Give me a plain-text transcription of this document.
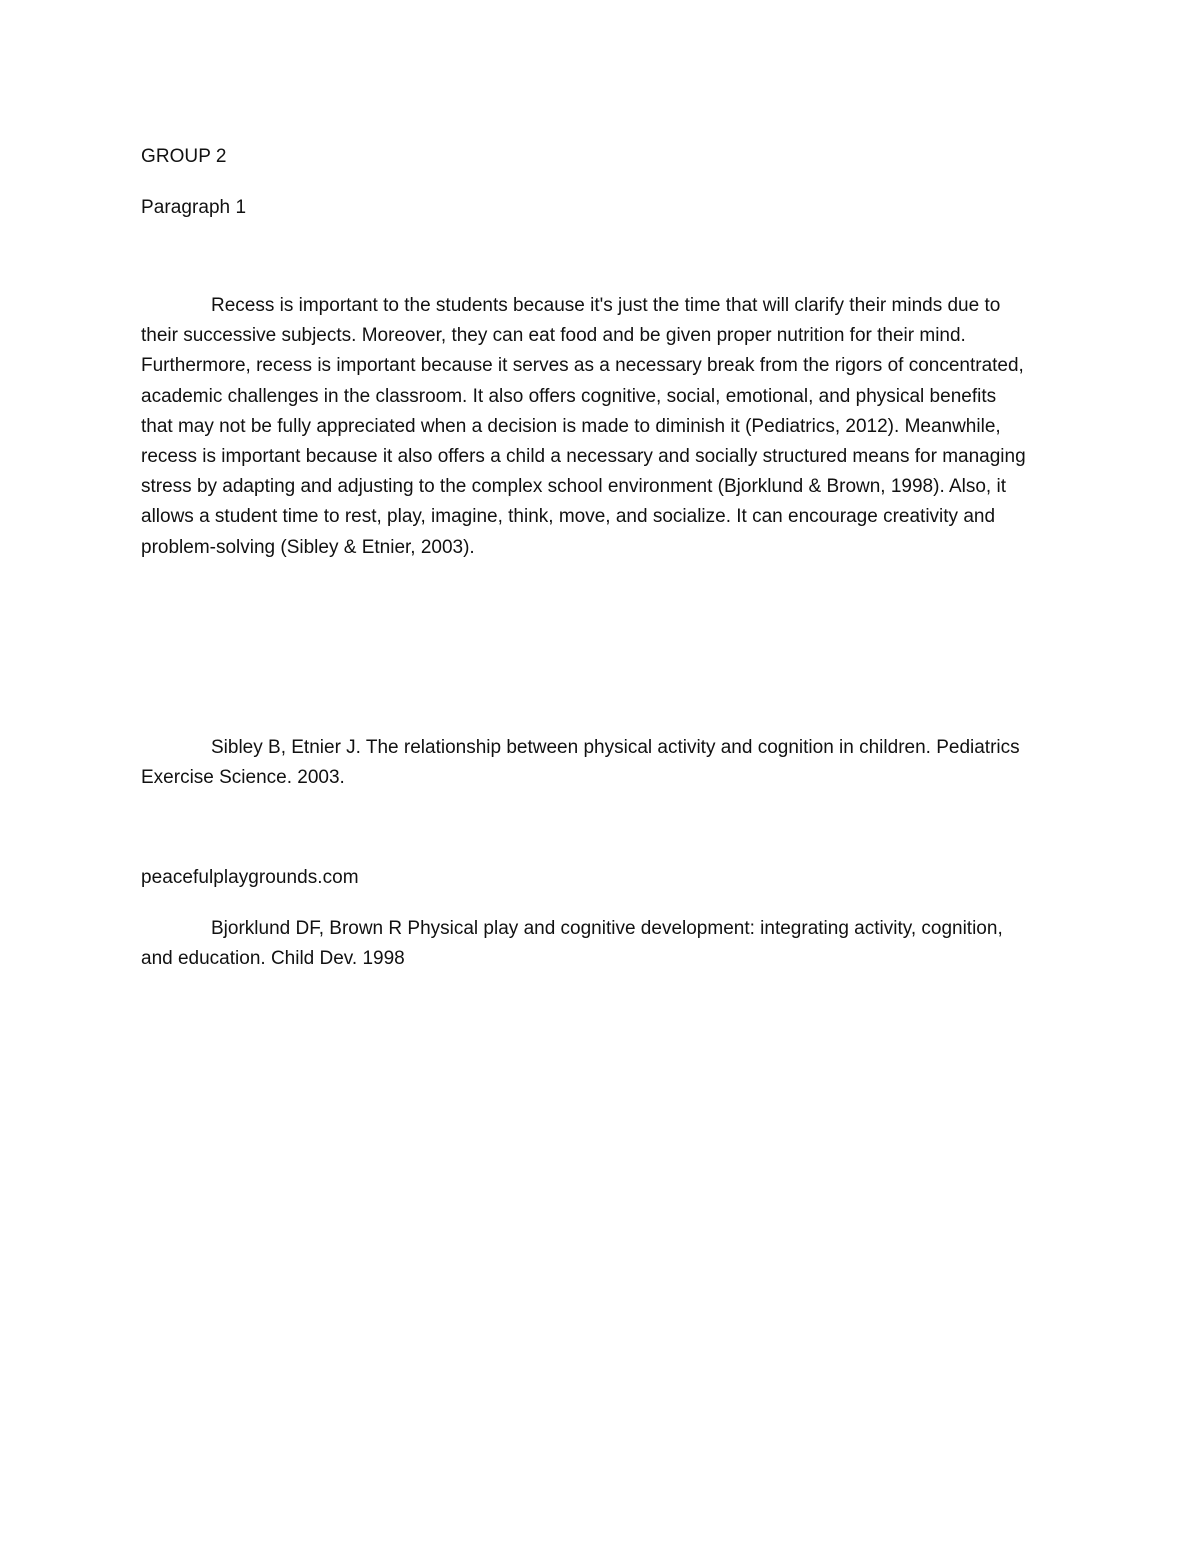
GROUP 2
Paragraph 1
Recess is important to the students because it's just the time that will clarify their minds due to
their successive subjects. Moreover, they can eat food and be given proper nutrition for their mind.
Furthermore, recess is important because it serves as a necessary break from the rigors of concentrated,
academic challenges in the classroom. It also offers cognitive, social, emotional, and physical benefits
that may not be fully appreciated when a decision is made to diminish it (Pediatrics, 2012). Meanwhile,
recess is important because it also offers a child a necessary and socially structured means for managing
stress by adapting and adjusting to the complex school environment (Bjorklund & Brown, 1998). Also, it
allows a student time to rest, play, imagine, think, move, and socialize. It can encourage creativity and
problem-solving (Sibley & Etnier, 2003).
Sibley B, Etnier J. The relationship between physical activity and cognition in children. Pediatrics
Exercise Science. 2003.
peacefulplaygrounds.com
Bjorklund DF, Brown R Physical play and cognitive development: integrating activity, cognition,
and education. Child Dev. 1998
